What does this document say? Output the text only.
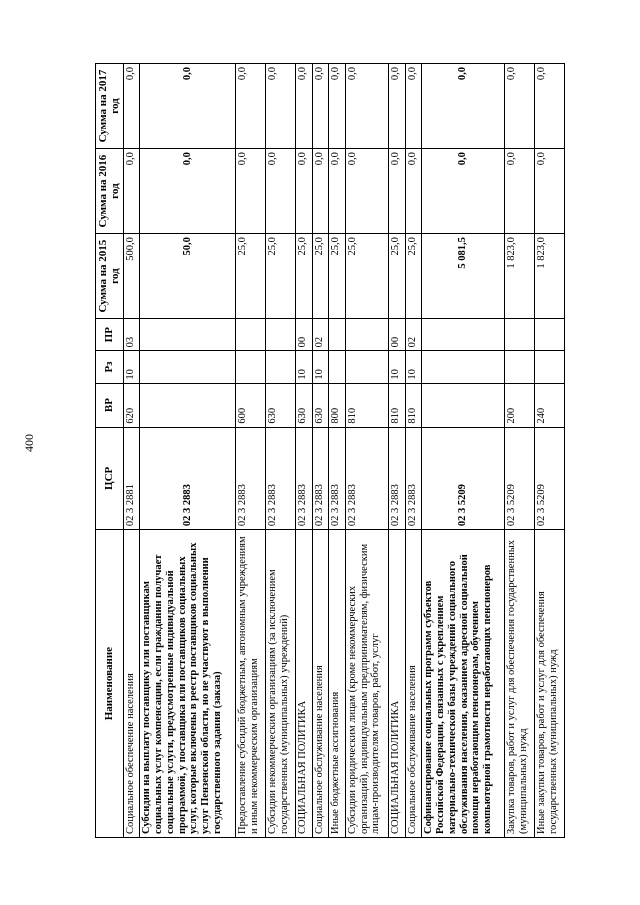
400
Наименование	ЦСР	ВР	Рз	ПР	Сумма на 2015 год	Сумма на 2016 год	Сумма на 2017 год
Социальное обеспечение населения	02 3 2881	620	10	03	500,0	0,0	0,0
Субсидии на выплату поставщику или поставщикам социальных услуг компенсации, если гражданин получает социальные услуги, предусмотренные индивидуальной программой, у поставщика или поставщиков социальных услуг, которые включены в реестр поставщиков социальных услуг Пензенской области, но не участвуют в выполнении государственного задания (заказа)	02 3 2883				50,0	0,0	0,0
Предоставление субсидий бюджетным, автономным учреждениям и иным некоммерческим организациям	02 3 2883	600			25,0	0,0	0,0
Субсидии некоммерческим организациям (за исключением государственных (муниципальных) учреждений)	02 3 2883	630			25,0	0,0	0,0
СОЦИАЛЬНАЯ ПОЛИТИКА	02 3 2883	630	10	00	25,0	0,0	0,0
Социальное обслуживание населения	02 3 2883	630	10	02	25,0	0,0	0,0
Иные бюджетные ассигнования	02 3 2883	800			25,0	0,0	0,0
Субсидии юридическим лицам (кроме некоммерческих организаций), индивидуальным предпринимателям, физическим лицам-производителям товаров, работ, услуг	02 3 2883	810			25,0	0,0	0,0
СОЦИАЛЬНАЯ ПОЛИТИКА	02 3 2883	810	10	00	25,0	0,0	0,0
Социальное обслуживание населения	02 3 2883	810	10	02	25,0	0,0	0,0
Софинансирование социальных программ субъектов Российской Федерации, связанных с укреплением материально-технической базы учреждений социального обслуживания населения, оказанием адресной социальной помощи неработающим пенсионерам, обучением компьютерной грамотности неработающих пенсионеров	02 3 5209				5 081,5	0,0	0,0
Закупка товаров, работ и услуг для обеспечения государственных (муниципальных) нужд	02 3 5209	200			1 823,0	0,0	0,0
Иные закупки товаров, работ и услуг для обеспечения государственных (муниципальных) нужд	02 3 5209	240			1 823,0	0,0	0,0
